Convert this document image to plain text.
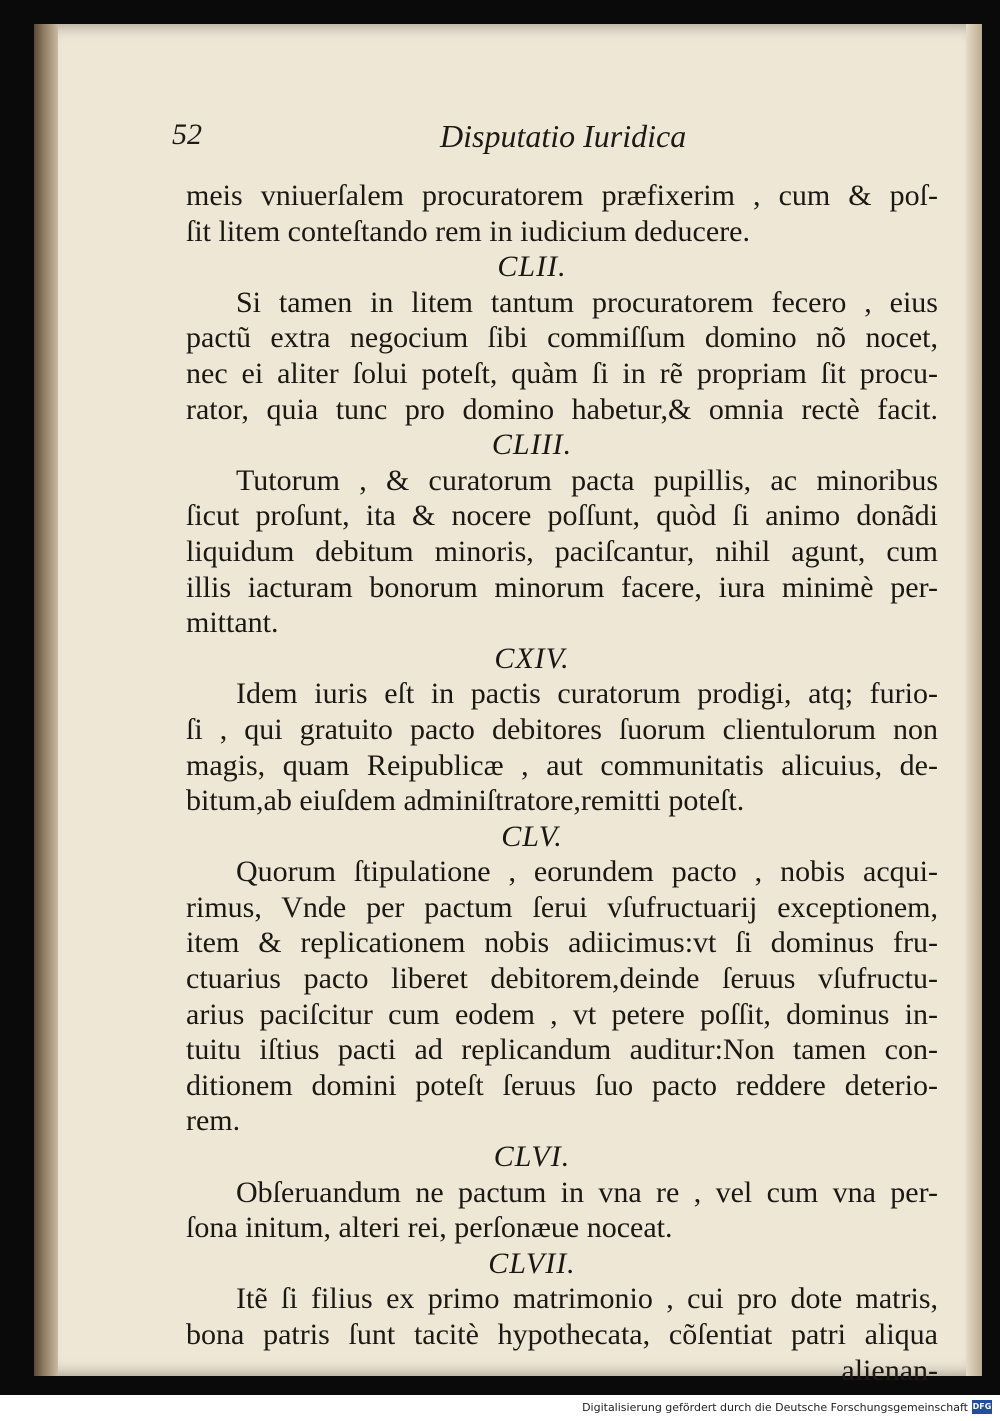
52	Disputatio Iuridica
meis vniuerſalem procuratorem præfixerim , cum & poſ-
ſit litem conteſtando rem in iudicium deducere.
CLII.
Si tamen in litem tantum procuratorem fecero , eius
pactũ extra negocium ſibi commiſſum domino nõ nocet,
nec ei aliter ſolui poteſt, quàm ſi in rẽ propriam ſit procu-
rator, quia tunc pro domino habetur,& omnia rectè facit.
CLIII.
Tutorum , & curatorum pacta pupillis, ac minoribus
ſicut proſunt, ita & nocere poſſunt, quòd ſi animo donãdi
liquidum debitum minoris, paciſcantur, nihil agunt, cum
illis iacturam bonorum minorum facere, iura minimè per-
mittant.
CXIV.
Idem iuris eſt in pactis curatorum prodigi, atq; furio-
ſi , qui gratuito pacto debitores ſuorum clientulorum non
magis, quam Reipublicæ , aut communitatis alicuius, de-
bitum,ab eiuſdem adminiſtratore,remitti poteſt.
CLV.
Quorum ſtipulatione , eorundem pacto , nobis acqui-
rimus, Vnde per pactum ſerui vſufructuarij exceptionem,
item & replicationem nobis adiicimus:vt ſi dominus fru-
ctuarius pacto liberet debitorem,deinde ſeruus vſufructu-
arius paciſcitur cum eodem , vt petere poſſit, dominus in-
tuitu iſtius pacti ad replicandum auditur:Non tamen con-
ditionem domini poteſt ſeruus ſuo pacto reddere deterio-
rem.
CLVI.
Obſeruandum ne pactum in vna re , vel cum vna per-
ſona initum, alteri rei, perſonæue noceat.
CLVII.
Itẽ ſi filius ex primo matrimonio , cui pro dote matris,
bona patris ſunt tacitè hypothecata, cõſentiat patri aliqua
alienan-
Digitalisierung gefördert durch die Deutsche Forschungsgemeinschaft DFG
